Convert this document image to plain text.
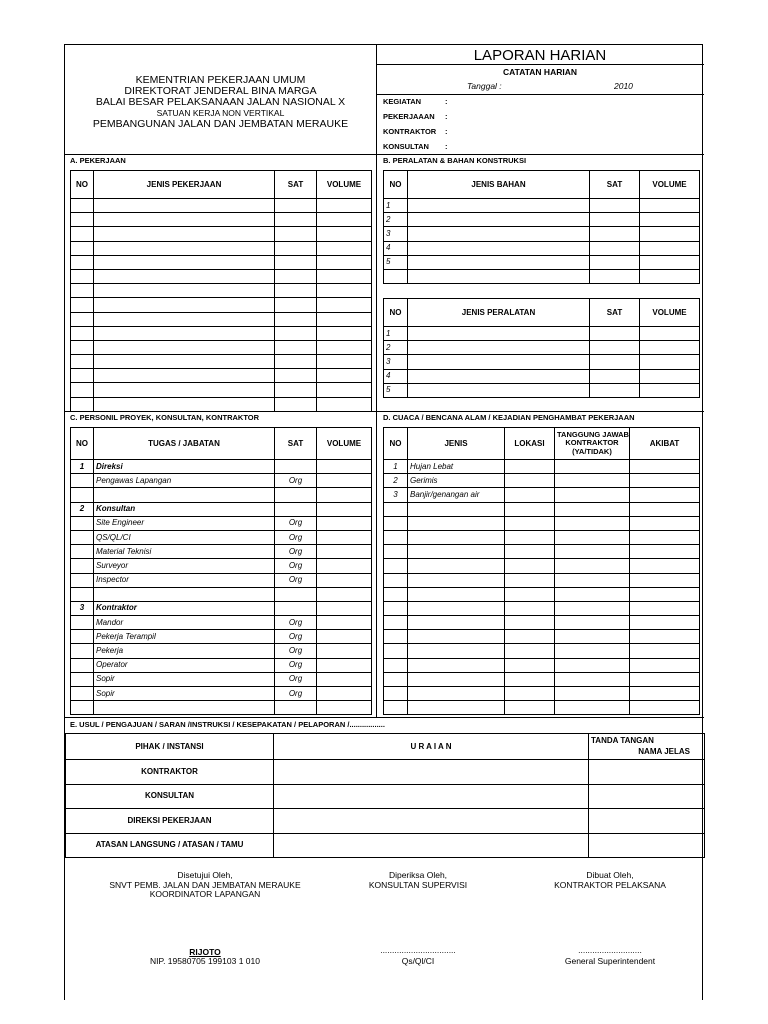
KEMENTRIAN PEKERJAAN UMUM
DIREKTORAT JENDERAL BINA MARGA
BALAI BESAR PELAKSANAAN JALAN NASIONAL X
SATUAN KERJA NON VERTIKAL
PEMBANGUNAN JALAN DAN JEMBATAN MERAUKE
LAPORAN HARIAN
CATATAN HARIAN
Tanggal :	2010
KEGIATAN	:
PEKERJAAAN :
KONTRAKTOR :
KONSULTAN :
A. PEKERJAAN	B. PERALATAN & BAHAN KONSTRUKSI
NO	JENIS PEKERJAAN	SAT	VOLUME

				NO	JENIS BAHAN	SAT	VOLUME
1			
2			
3			
4			
5			

NO	JENIS PERALATAN	SAT	VOLUME
1			
2			
3			
4			
5			
C. PERSONIL PROYEK, KONSULTAN, KONTRAKTOR	D. CUACA / BENCANA ALAM / KEJADIAN PENGHAMBAT PEKERJAAN
NO	TUGAS / JABATAN	SAT	VOLUME
1	Direksi		
	Pengawas Lapangan	Org	

2	Konsultan		
	Site Engineer	Org	
	QS/QL/CI	Org	
	Material Teknisi	Org	
	Surveyor	Org	
	Inspector	Org	

3	Kontraktor		
	Mandor	Org	
	Pekerja Terampil	Org	
	Pekerja	Org	
	Operator	Org	
	Sopir	Org	
	Sopir	Org	

NO	JENIS	LOKASI	TANGGUNG JAWAB
KONTRAKTOR
(YA/TIDAK)	AKIBAT
1	Hujan Lebat			
2	Gerimis			
3	Banjir/genangan air			

E. USUL / PENGAJUAN / SARAN /INSTRUKSI / KESEPAKATAN / PELAPORAN /.................
PIHAK / INSTANSI	U R A I A N	TANDA TANGAN
NAMA JELAS

KONTRAKTOR		
KONSULTAN		
DIREKSI PEKERJAAN		
ATASAN LANGSUNG / ATASAN / TAMU		
Disetujui Oleh,
SNVT PEMB. JALAN DAN JEMBATAN MERAUKE
KOORDINATOR LAPANGAN
RIJOTO
NIP. 19580705 199103 1 010
Diperiksa Oleh,
KONSULTAN SUPERVISI
................................
Qs/Ql/CI
Dibuat Oleh,
KONTRAKTOR PELAKSANA
...........................
General Superintendent
